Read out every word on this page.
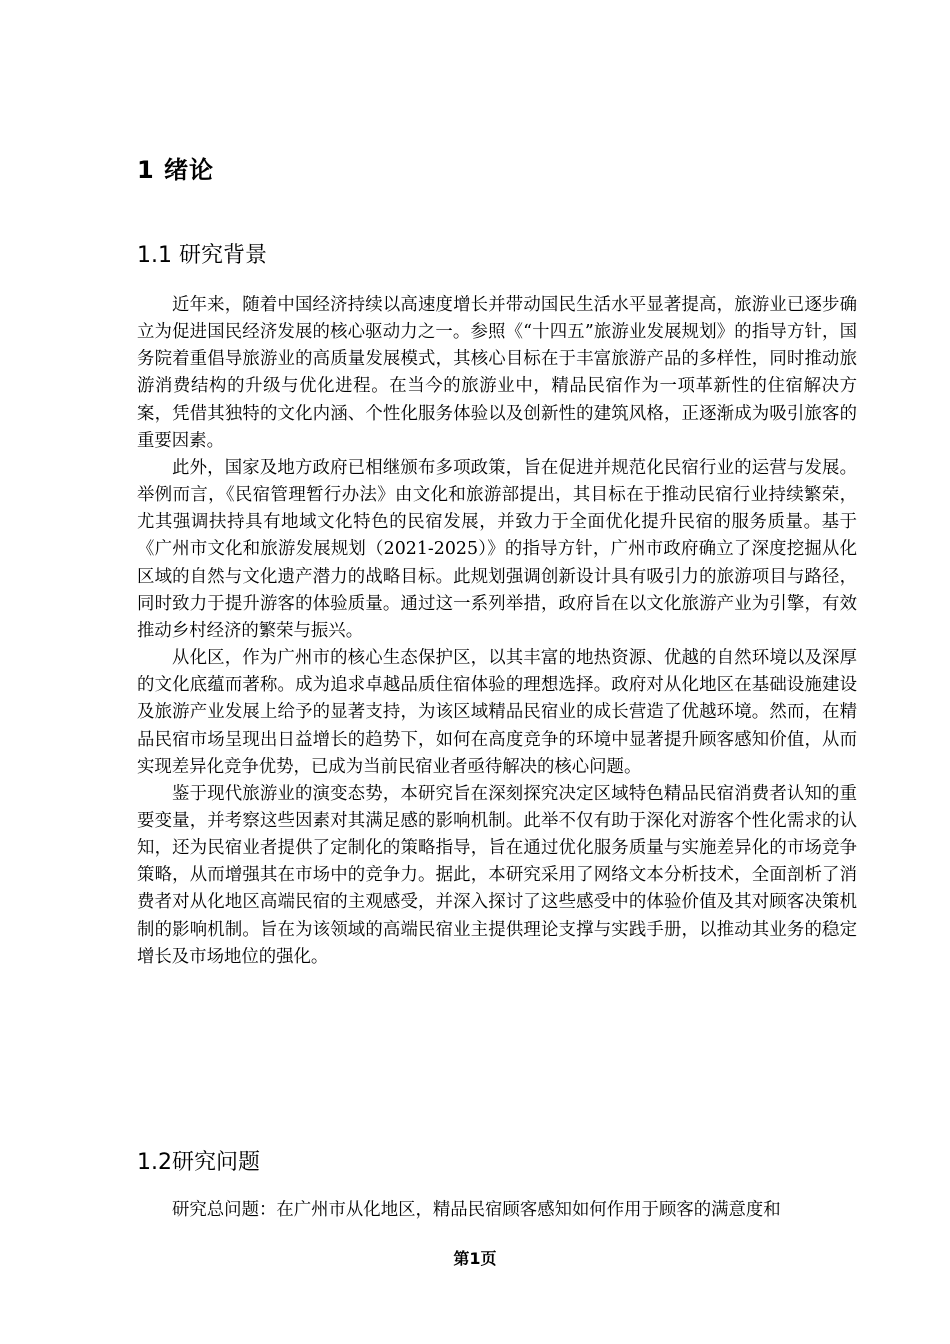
1 绪论
1.1 研究背景

近年来，随着中国经济持续以高速度增长并带动国民生活水平显著提高，旅游业已逐步确立为促进国民经济发展的核心驱动力之一。参照《“十四五”旅游业发展规划》的指导方针，国务院着重倡导旅游业的高质量发展模式，其核心目标在于丰富旅游产品的多样性，同时推动旅游消费结构的升级与优化进程。在当今的旅游业中，精品民宿作为一项革新性的住宿解决方案，凭借其独特的文化内涵、个性化服务体验以及创新性的建筑风格，正逐渐成为吸引旅客的重要因素。

此外，国家及地方政府已相继颁布多项政策，旨在促进并规范化民宿行业的运营与发展。举例而言，《民宿管理暂行办法》由文化和旅游部提出，其目标在于推动民宿行业持续繁荣，尤其强调扶持具有地域文化特色的民宿发展，并致力于全面优化提升民宿的服务质量。基于《广州市文化和旅游发展规划（2021-2025）》的指导方针，广州市政府确立了深度挖掘从化区域的自然与文化遗产潜力的战略目标。此规划强调创新设计具有吸引力的旅游项目与路径，同时致力于提升游客的体验质量。通过这一系列举措，政府旨在以文化旅游产业为引擎，有效推动乡村经济的繁荣与振兴。

从化区，作为广州市的核心生态保护区，以其丰富的地热资源、优越的自然环境以及深厚的文化底蕴而著称。成为追求卓越品质住宿体验的理想选择。政府对从化地区在基础设施建设及旅游产业发展上给予的显著支持，为该区域精品民宿业的成长营造了优越环境。然而，在精品民宿市场呈现出日益增长的趋势下，如何在高度竞争的环境中显著提升顾客感知价值，从而实现差异化竞争优势，已成为当前民宿业者亟待解决的核心问题。

鉴于现代旅游业的演变态势，本研究旨在深刻探究决定区域特色精品民宿消费者认知的重要变量，并考察这些因素对其满足感的影响机制。此举不仅有助于深化对游客个性化需求的认知，还为民宿业者提供了定制化的策略指导，旨在通过优化服务质量与实施差异化的市场竞争策略，从而增强其在市场中的竞争力。据此，本研究采用了网络文本分析技术，全面剖析了消费者对从化地区高端民宿的主观感受，并深入探讨了这些感受中的体验价值及其对顾客决策机制的影响机制。旨在为该领域的高端民宿业主提供理论支撑与实践手册，以推动其业务的稳定增长及市场地位的强化。

1.2研究问题

研究总问题：在广州市从化地区，精品民宿顾客感知如何作用于顾客的满意度和

第1页
